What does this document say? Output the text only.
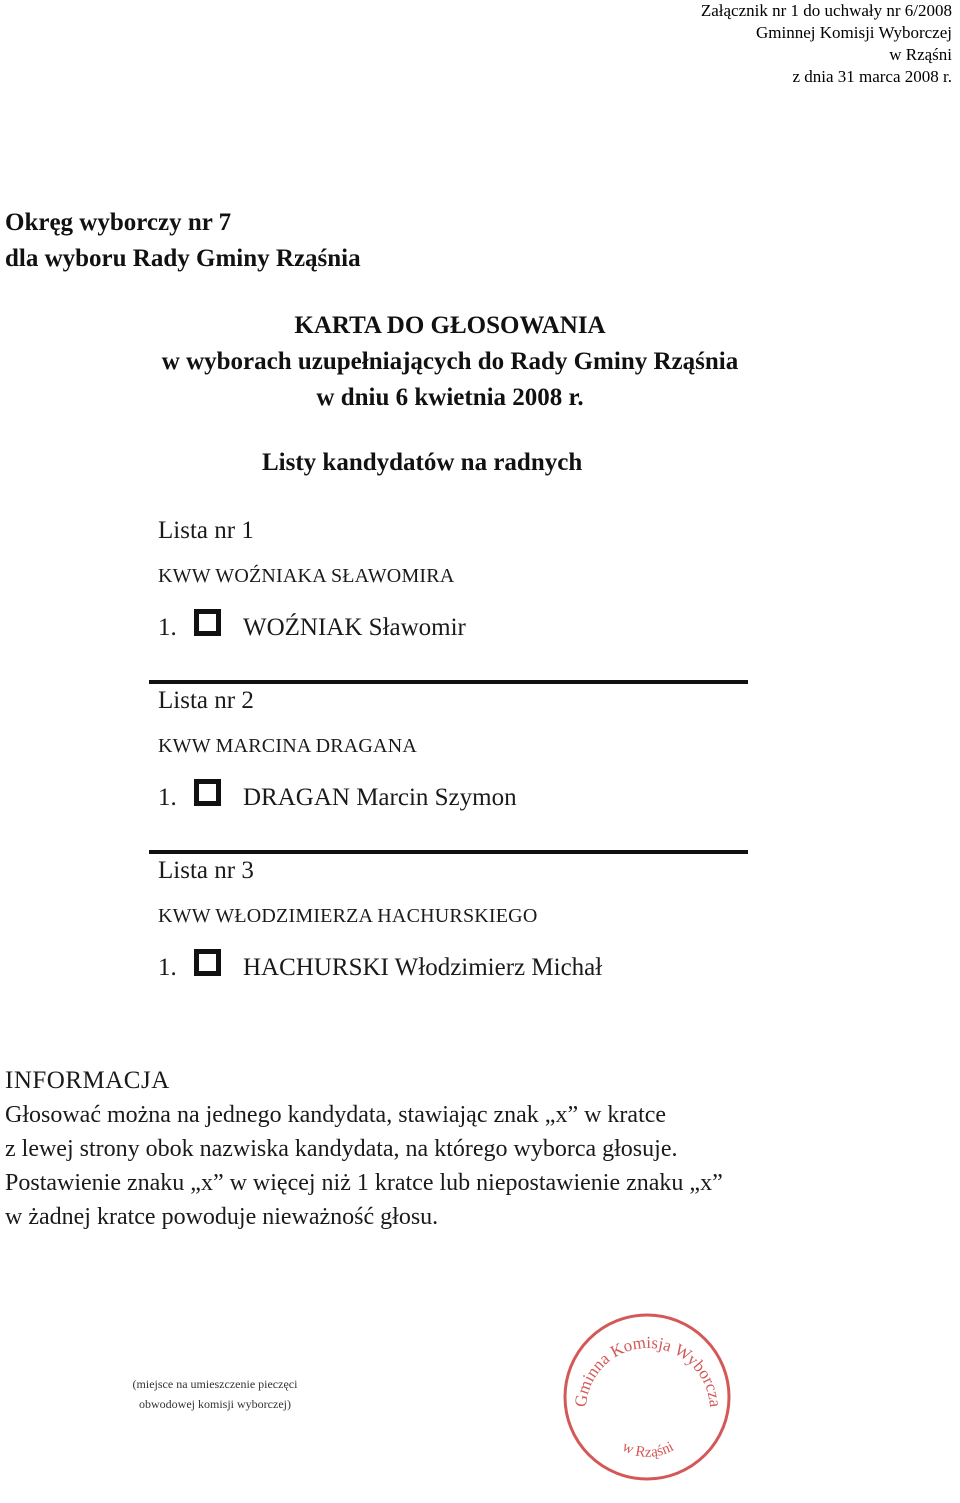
Załącznik nr 1 do uchwały nr 6/2008
Gminnej Komisji Wyborczej
w Rząśni
z dnia 31 marca 2008 r.
Okręg wyborczy nr 7
dla wyboru Rady Gminy Rząśnia
KARTA DO GŁOSOWANIA
w wyborach uzupełniających do Rady Gminy Rząśnia
w dniu 6 kwietnia 2008 r.
Listy kandydatów na radnych
Lista nr 1
KWW WOŹNIAKA SŁAWOMIRA
1.	WOŹNIAK Sławomir
Lista nr 2
KWW MARCINA DRAGANA
1.	DRAGAN Marcin Szymon
Lista nr 3
KWW WŁODZIMIERZA HACHURSKIEGO
1.	HACHURSKI Włodzimierz Michał
INFORMACJA
Głosować można na jednego kandydata, stawiając znak „x” w kratce
z lewej strony obok nazwiska kandydata, na którego wyborca głosuje.
Postawienie znaku „x” w więcej niż 1 kratce lub niepostawienie znaku „x”
w żadnej kratce powoduje nieważność głosu.
(miejsce na umieszczenie pieczęci
obwodowej komisji wyborczej)	Gminna Komisja Wyborcza
w Rząśni
